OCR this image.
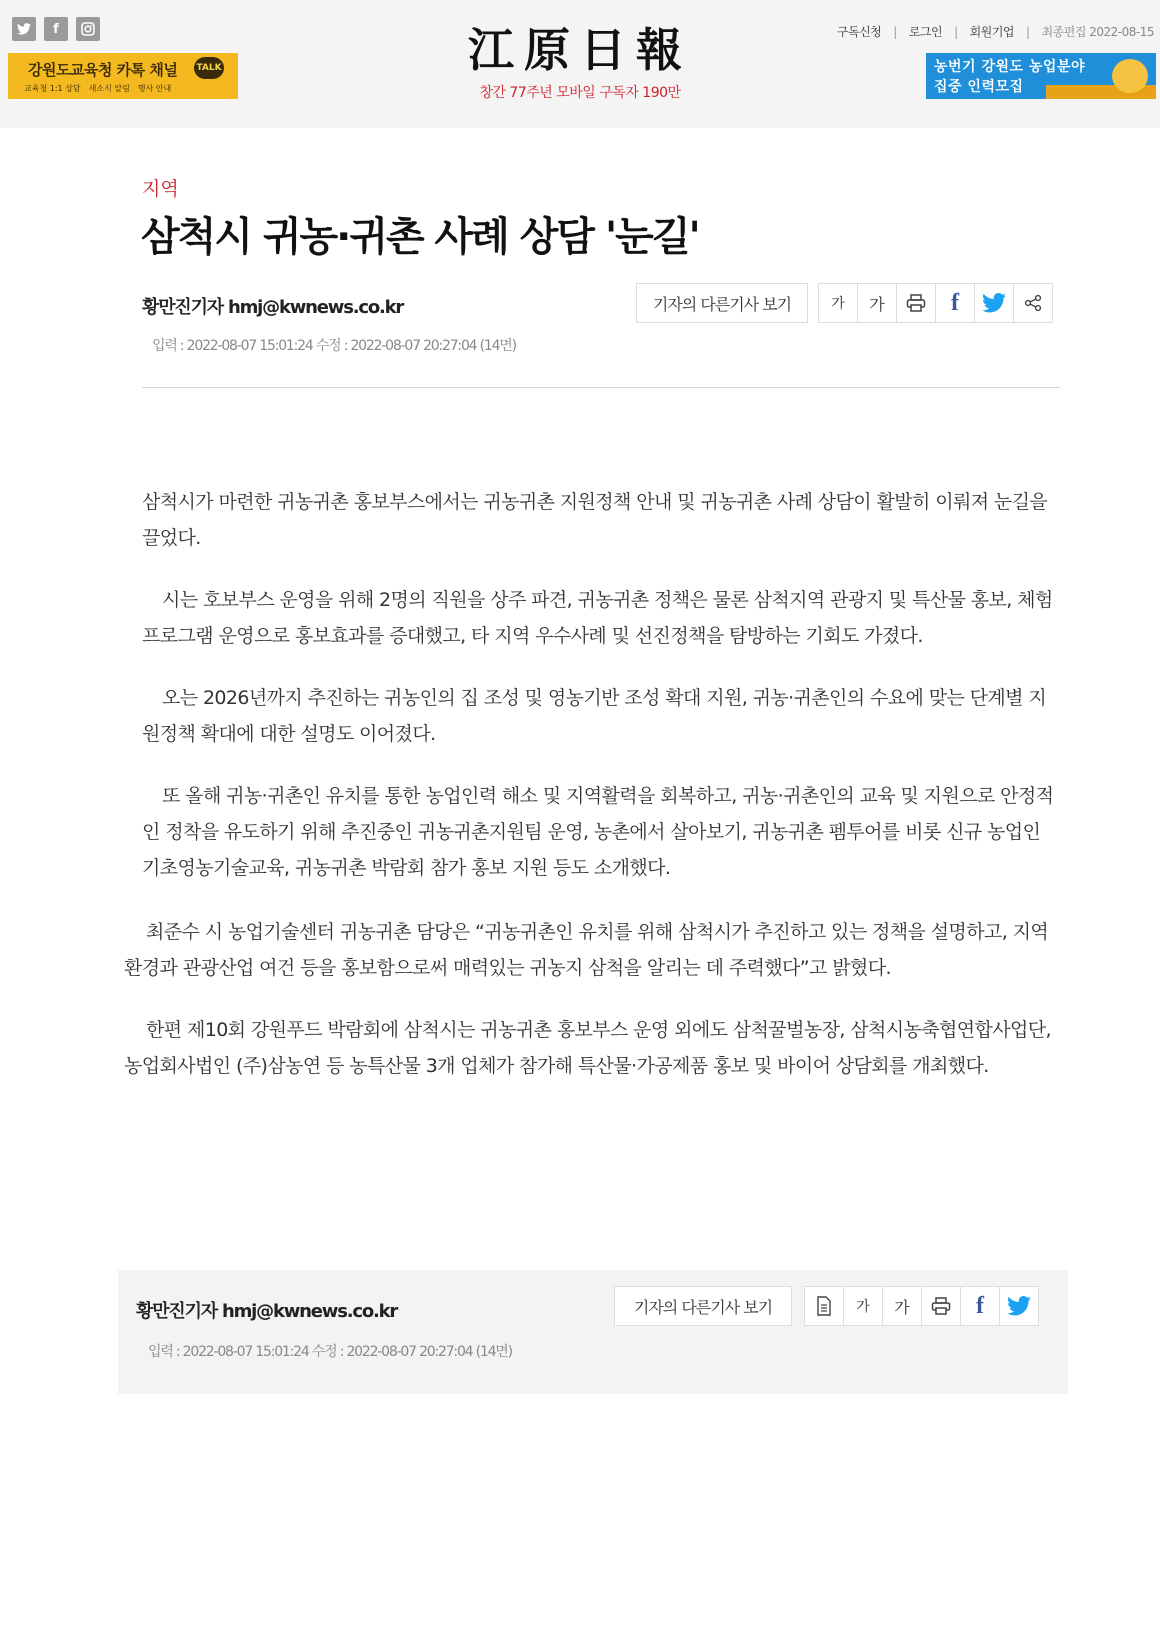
f
강원도교육청 카톡 채널 TALK
교육청 1:1 상담 새소식 알림 행사 안내
江原日報
창간 77주년 모바일 구독자 190만
구독신청 | 로그인 | 회원기업 | 최종편집 2022-08-15
농번기 강원도 농업분야
집중 인력모집
지역
삼척시 귀농·귀촌 사례 상담 '눈길'
황만진기자 hmj@kwnews.co.kr
입력 : 2022-08-07 15:01:24 수정 : 2022-08-07 20:27:04 (14면)
기자의 다른기사 보기	가	가	f

삼척시가 마련한 귀농귀촌 홍보부스에서는 귀농귀촌 지원정책 안내 및 귀농귀촌 사례 상담이 활발히 이뤄져 눈길을 끌었다.

시는 호보부스 운영을 위해 2명의 직원을 상주 파견, 귀농귀촌 정책은 물론 삼척지역 관광지 및 특산물 홍보, 체험프로그램 운영으로 홍보효과를 증대했고, 타 지역 우수사례 및 선진정책을 탐방하는 기회도 가졌다.

오는 2026년까지 추진하는 귀농인의 집 조성 및 영농기반 조성 확대 지원, 귀농·귀촌인의 수요에 맞는 단계별 지원정책 확대에 대한 설명도 이어졌다.

또 올해 귀농·귀촌인 유치를 통한 농업인력 해소 및 지역활력을 회복하고, 귀농·귀촌인의 교육 및 지원으로 안정적인 정착을 유도하기 위해 추진중인 귀농귀촌지원팀 운영, 농촌에서 살아보기, 귀농귀촌 펨투어를 비롯 신규 농업인 기초영농기술교육, 귀농귀촌 박람회 참가 홍보 지원 등도 소개했다.

최준수 시 농업기술센터 귀농귀촌 담당은 “귀농귀촌인 유치를 위해 삼척시가 추진하고 있는 정책을 설명하고, 지역 환경과 관광산업 여건 등을 홍보함으로써 매력있는 귀농지 삼척을 알리는 데 주력했다”고 밝혔다.

한편 제10회 강원푸드 박람회에 삼척시는 귀농귀촌 홍보부스 운영 외에도 삼척꿀벌농장, 삼척시농축협연합사업단, 농업회사법인 (주)삼농연 등 농특산물 3개 업체가 참가해 특산물·가공제품 홍보 및 바이어 상담회를 개최했다.

황만진기자 hmj@kwnews.co.kr
입력 : 2022-08-07 15:01:24 수정 : 2022-08-07 20:27:04 (14면)
기자의 다른기사 보기	가	가	f
